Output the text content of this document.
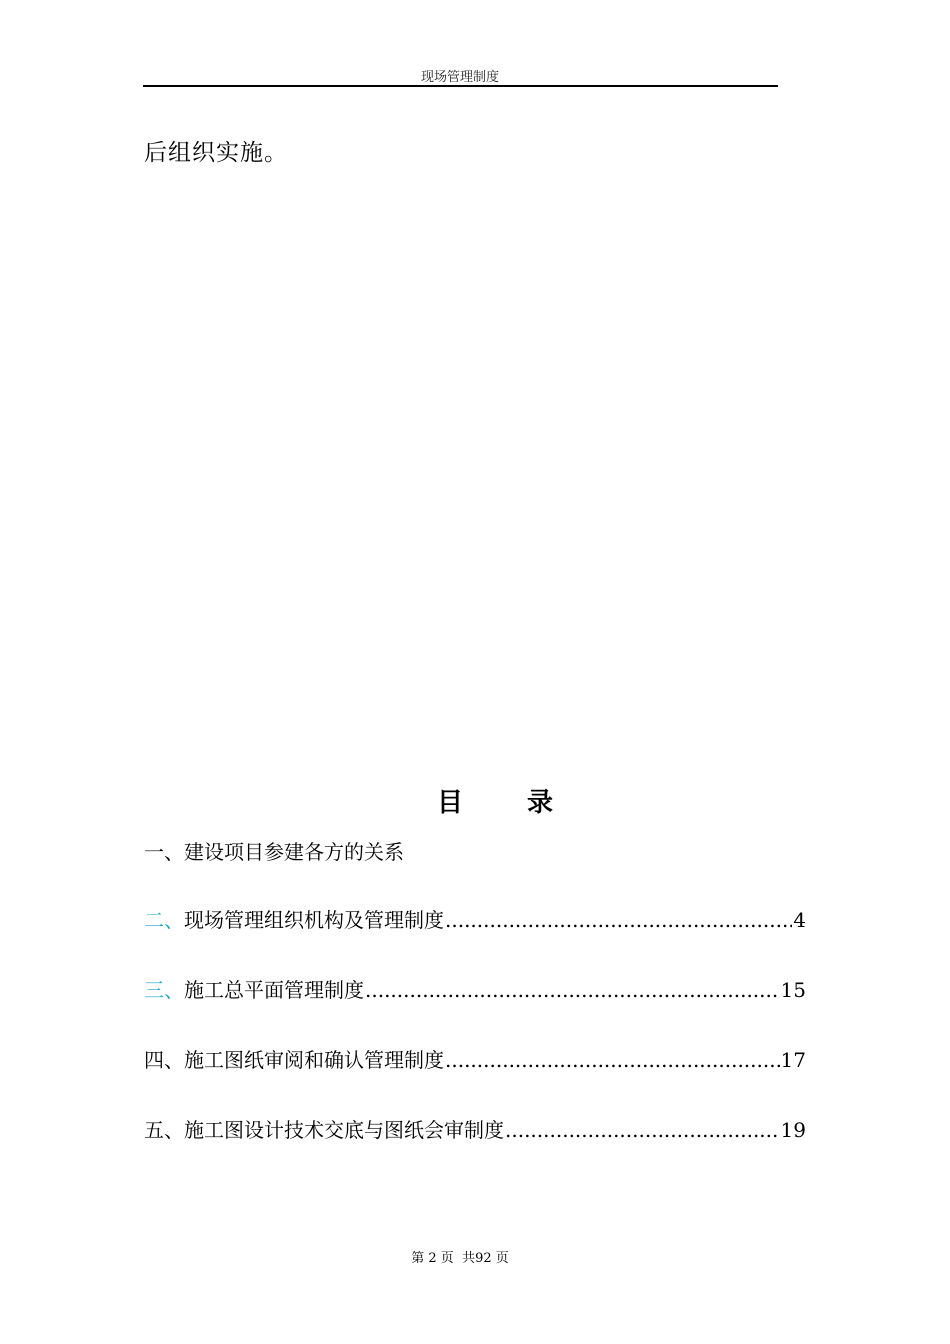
现场管理制度
后组织实施。
目 录
一、 建设项目参建各方的关系
二、 现场管理组织机构及管理制度 .....	4
三、 施工总平面管理制度 .....	15
四、 施工图纸审阅和确认管理制度 .....	17
五、 施工图设计技术交底与图纸会审制度 .....	19
第 2 页  共92 页
